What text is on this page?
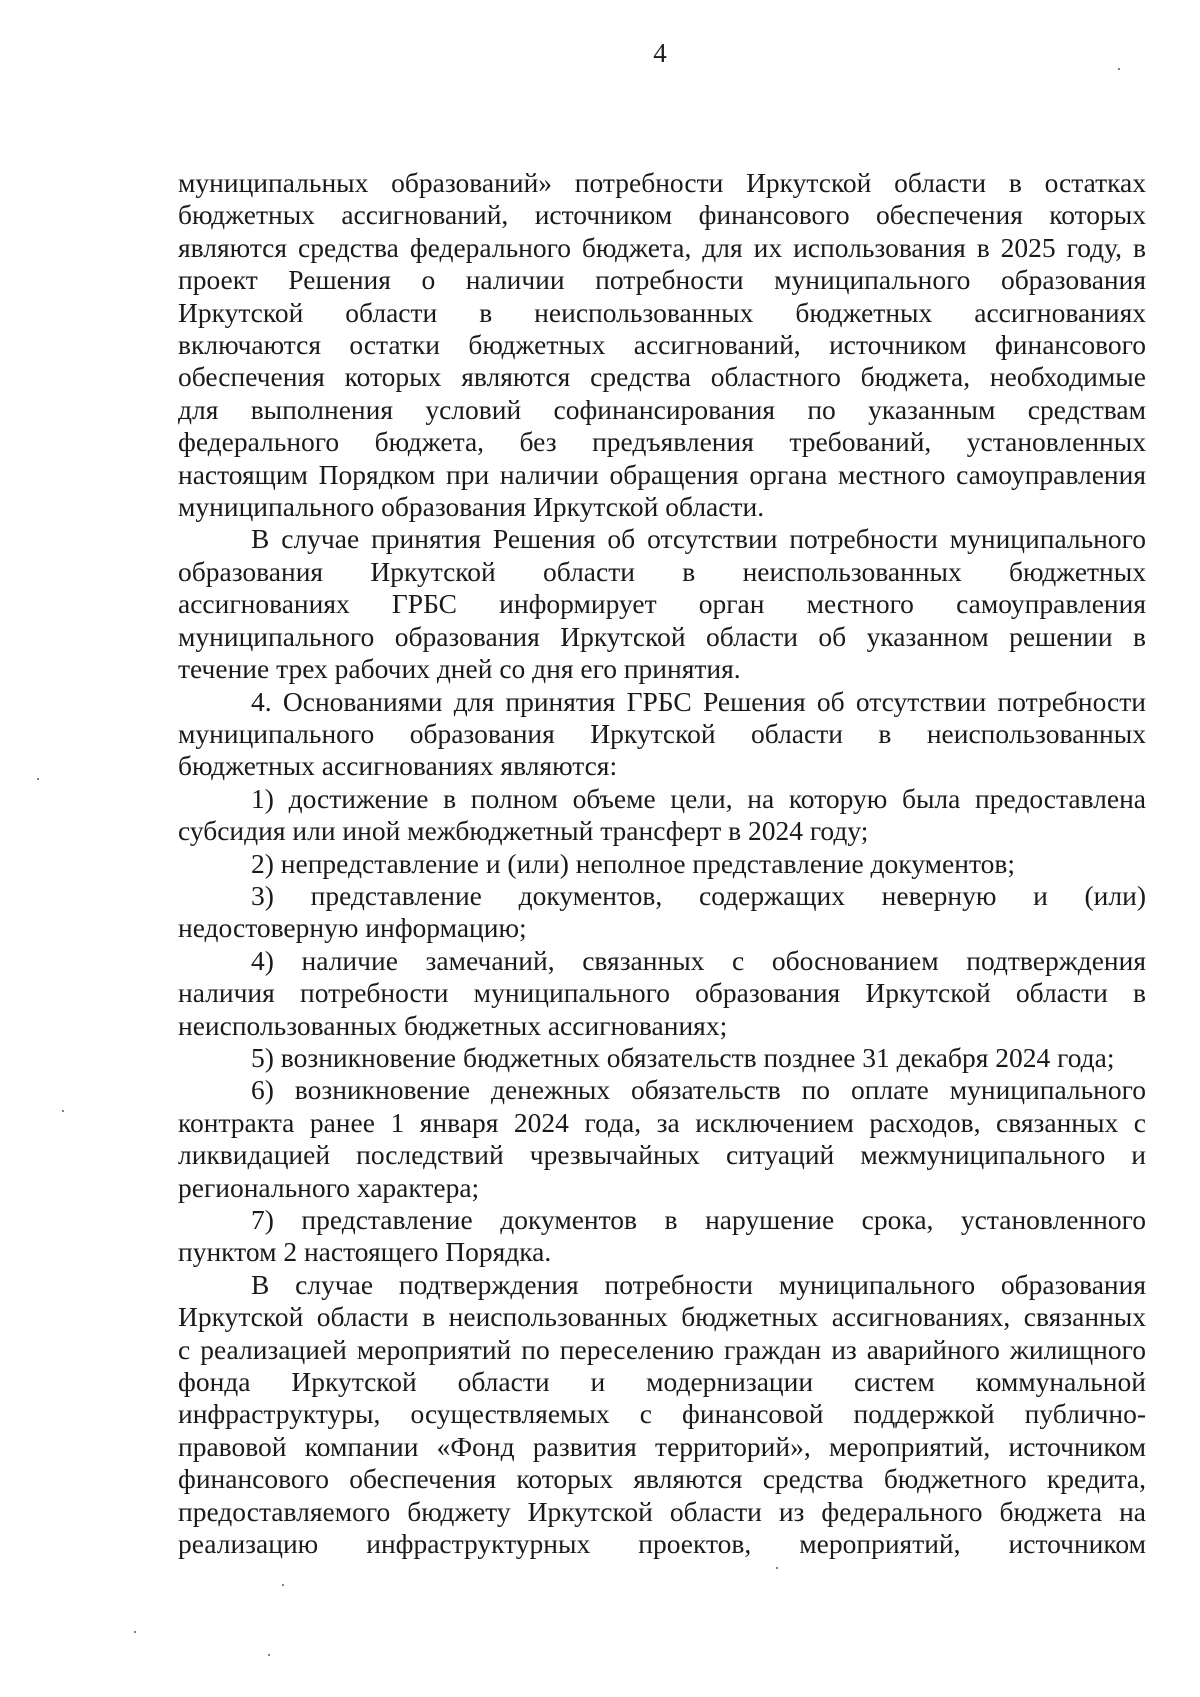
4
муниципальных образований» потребности Иркутской области в остатках
бюджетных ассигнований, источником финансового обеспечения которых
являются средства федерального бюджета, для их использования в 2025 году, в
проект Решения о наличии потребности муниципального образования
Иркутской области в неиспользованных бюджетных ассигнованиях
включаются остатки бюджетных ассигнований, источником финансового
обеспечения которых являются средства областного бюджета, необходимые
для выполнения условий софинансирования по указанным средствам
федерального бюджета, без предъявления требований, установленных
настоящим Порядком при наличии обращения органа местного самоуправления
муниципального образования Иркутской области.
В случае принятия Решения об отсутствии потребности муниципального
образования Иркутской области в неиспользованных бюджетных
ассигнованиях ГРБС информирует орган местного самоуправления
муниципального образования Иркутской области об указанном решении в
течение трех рабочих дней со дня его принятия.
4. Основаниями для принятия ГРБС Решения об отсутствии потребности
муниципального образования Иркутской области в неиспользованных
бюджетных ассигнованиях являются:
1) достижение в полном объеме цели, на которую была предоставлена
субсидия или иной межбюджетный трансферт в 2024 году;
2) непредставление и (или) неполное представление документов;
3) представление документов, содержащих неверную и (или)
недостоверную информацию;
4) наличие замечаний, связанных с обоснованием подтверждения
наличия потребности муниципального образования Иркутской области в
неиспользованных бюджетных ассигнованиях;
5) возникновение бюджетных обязательств позднее 31 декабря 2024 года;
6) возникновение денежных обязательств по оплате муниципального
контракта ранее 1 января 2024 года, за исключением расходов, связанных с
ликвидацией последствий чрезвычайных ситуаций межмуниципального и
регионального характера;
7) представление документов в нарушение срока, установленного
пунктом 2 настоящего Порядка.
В случае подтверждения потребности муниципального образования
Иркутской области в неиспользованных бюджетных ассигнованиях, связанных
с реализацией мероприятий по переселению граждан из аварийного жилищного
фонда Иркутской области и модернизации систем коммунальной
инфраструктуры, осуществляемых с финансовой поддержкой публично-
правовой компании «Фонд развития территорий», мероприятий, источником
финансового обеспечения которых являются средства бюджетного кредита,
предоставляемого бюджету Иркутской области из федерального бюджета на
реализацию инфраструктурных проектов, мероприятий, источником
